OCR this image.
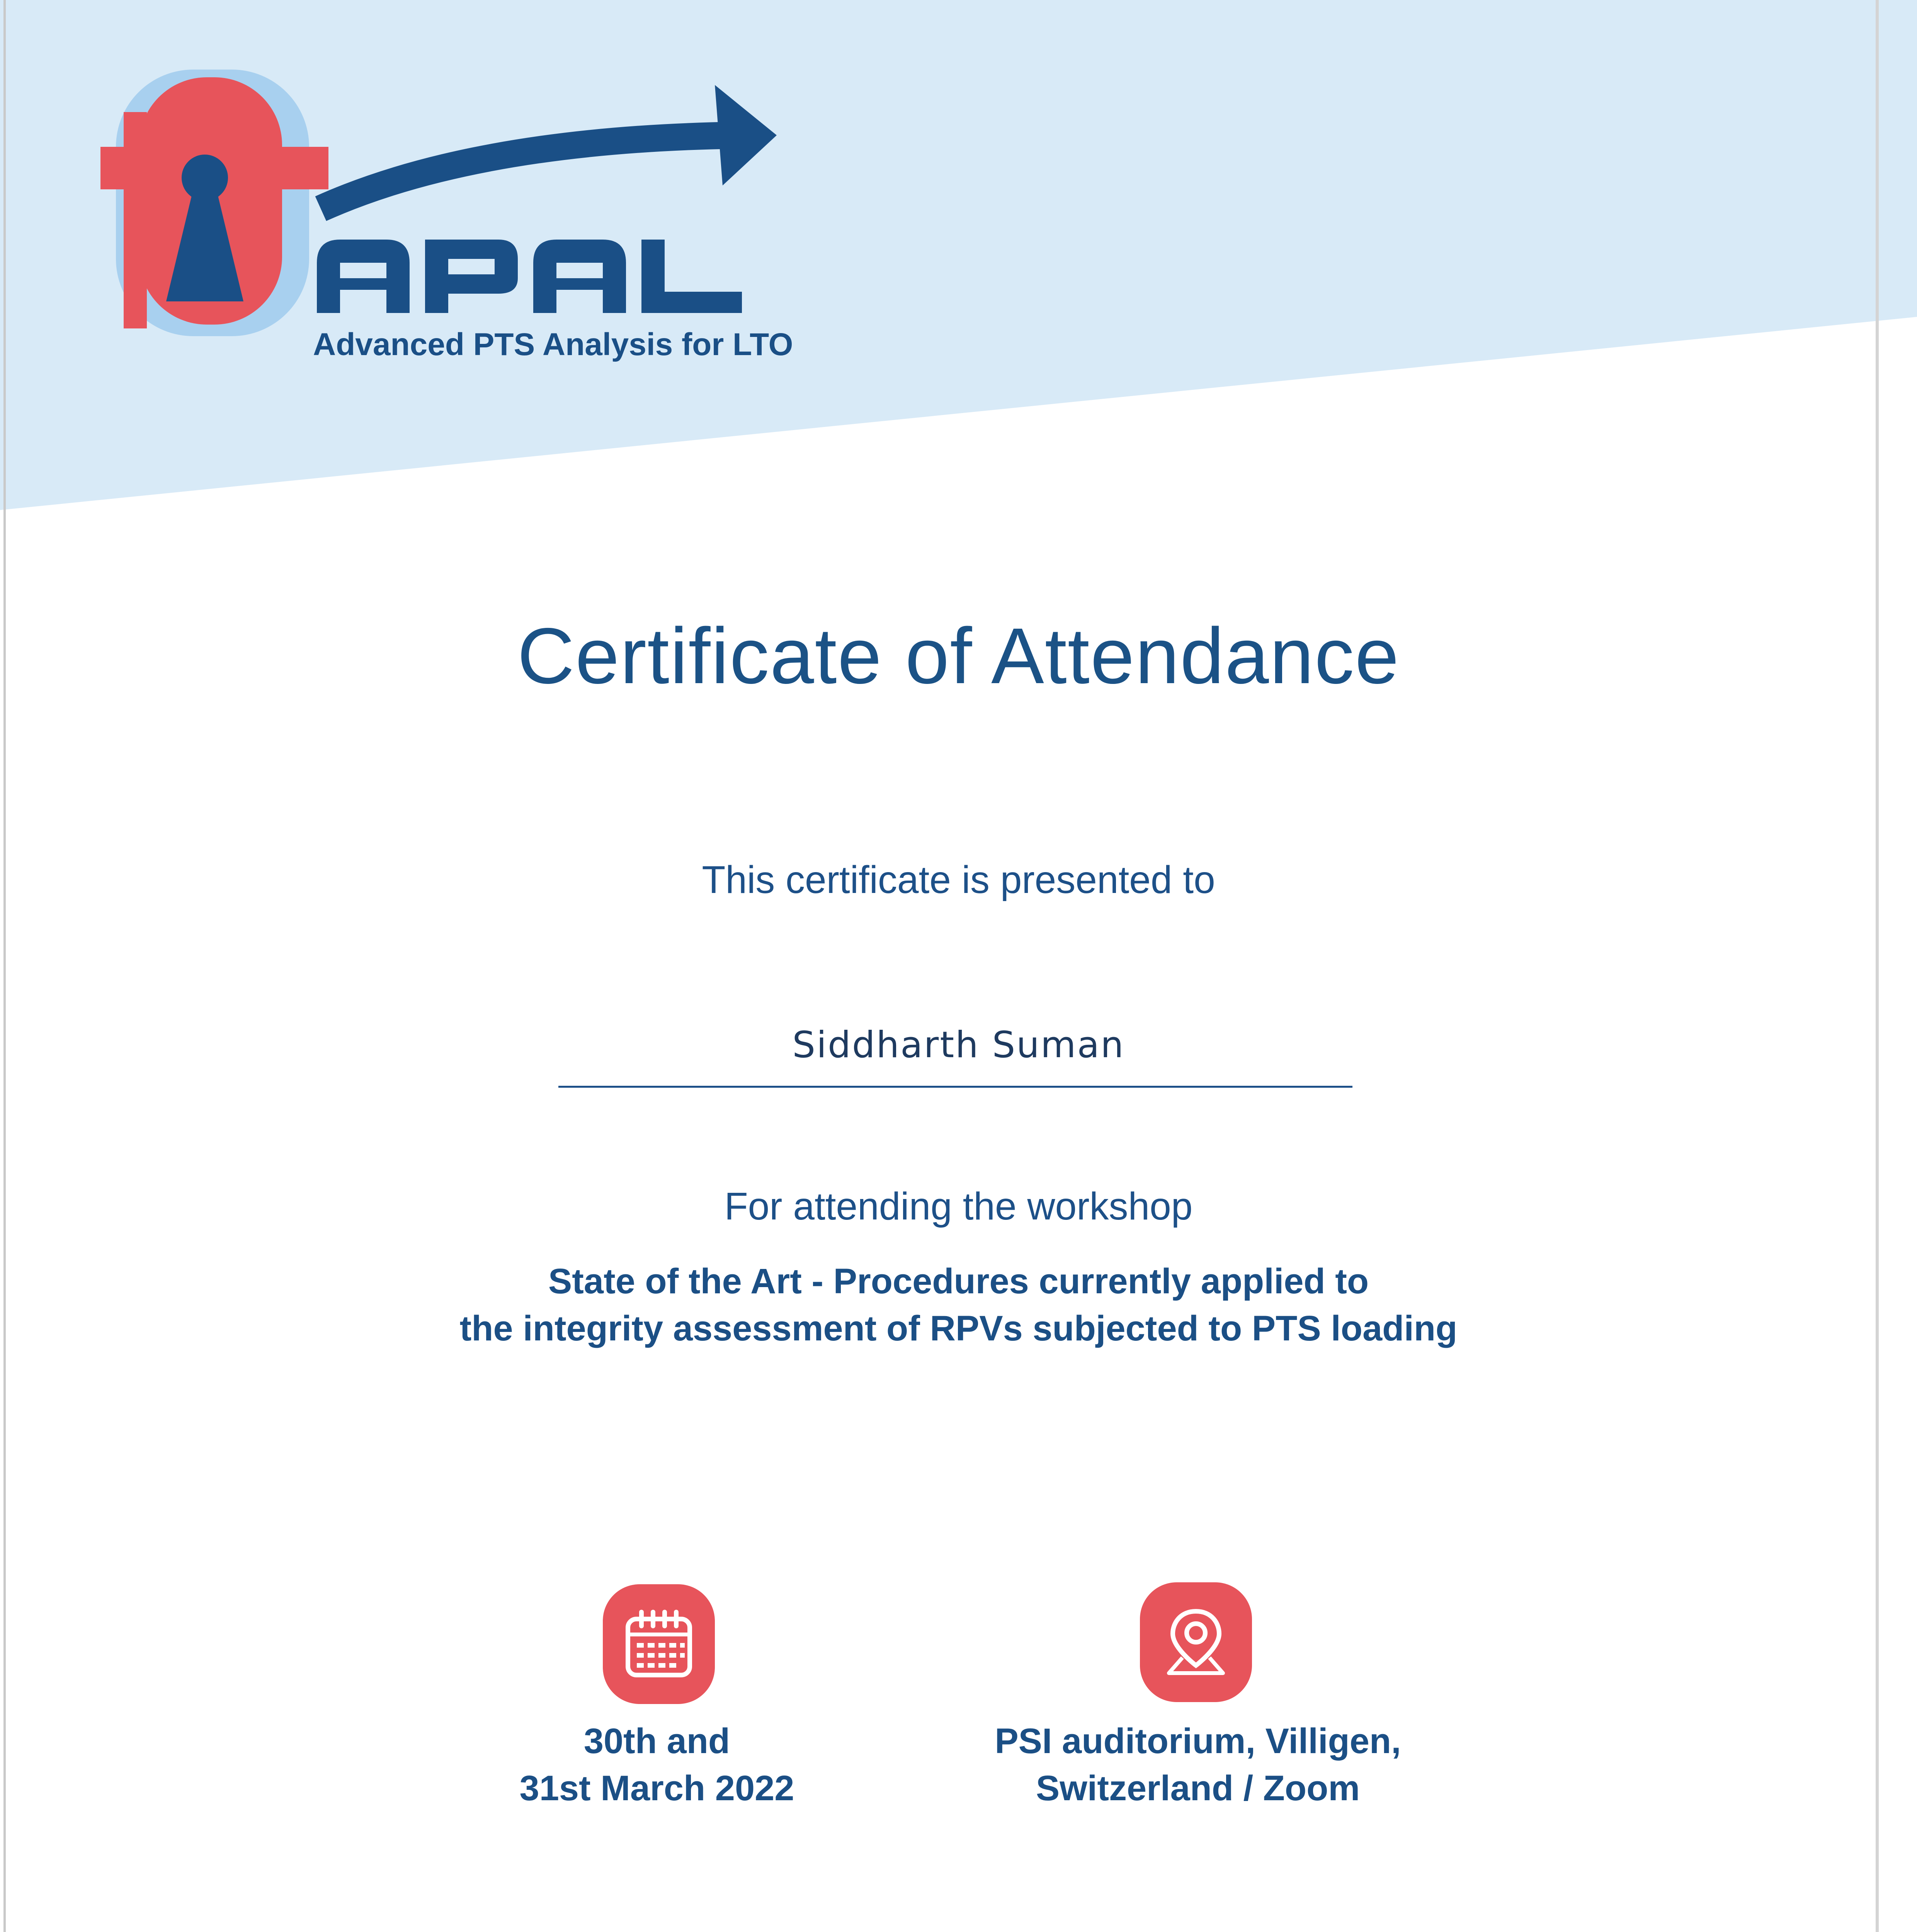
Advanced PTS Analysis for LTO
Certificate of Attendance
This certificate is presented to
Siddharth Suman
For attending the workshop
State of the Art - Procedures currently applied to
the integrity assessment of RPVs subjected to PTS loading
30th and
31st March 2022
PSI auditorium, Villigen,
Switzerland / Zoom
